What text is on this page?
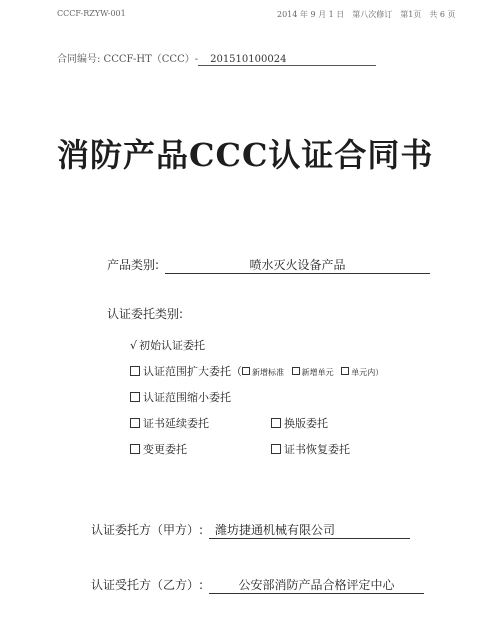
CCCF-RZYW-001	2014 年 9 月 1 日　第八次修订　第1页　共 6 页
合同编号: CCCF-HT（CCC）- 201510100024
消防产品CCC认证合同书
产品类别:	喷水灭火设备产品
认证委托类别:
√ 初始认证委托
认证范围扩大委托（ 新增标准 新增单元 单元内）
认证范围缩小委托
证书延续委托	换版委托
变更委托	证书恢复委托
认证委托方（甲方）: 潍坊捷通机械有限公司
认证受托方（乙方）:	公安部消防产品合格评定中心
